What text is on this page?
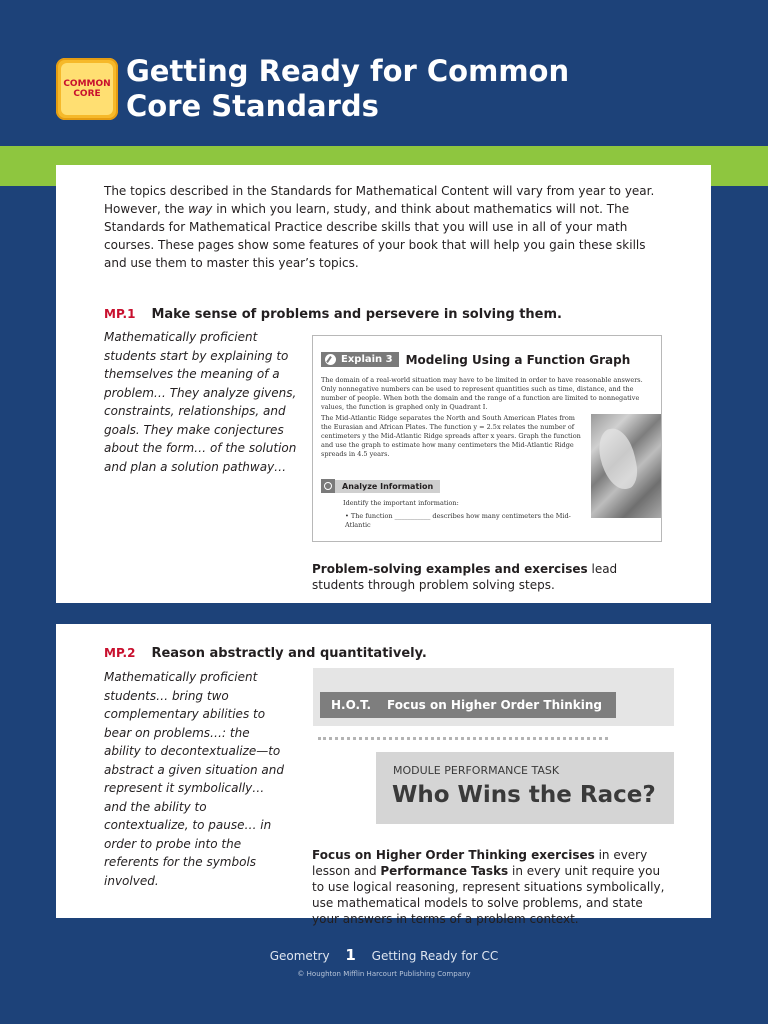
COMMON
CORE
Getting Ready for Common Core Standards
The topics described in the Standards for Mathematical Content will vary from year to year. However, the way in which you learn, study, and think about mathematics will not. The Standards for Mathematical Practice describe skills that you will use in all of your math courses. These pages show some features of your book that will help you gain these skills and use them to master this year’s topics.
MP.1 Make sense of problems and persevere in solving them.
Mathematically proficient students start by explaining to themselves the meaning of a problem… They analyze givens, constraints, relationships, and goals. They make conjectures about the form… of the solution and plan a solution pathway…
Explain 3 Modeling Using a Function Graph
The domain of a real-world situation may have to be limited in order to have reasonable answers. Only nonnegative numbers can be used to represent quantities such as time, distance, and the number of people. When both the domain and the range of a function are limited to nonnegative values, the function is graphed only in Quadrant I.
The Mid-Atlantic Ridge separates the North and South American Plates from the Eurasian and African Plates. The function y = 2.5x relates the number of centimeters y the Mid-Atlantic Ridge spreads after x years. Graph the function and use the graph to estimate how many centimeters the Mid-Atlantic Ridge spreads in 4.5 years.
Analyze Information
Identify the important information:
• The function ___________ describes how many centimeters the Mid-Atlantic
Problem-solving examples and exercises lead students through problem solving steps.
MP.2 Reason abstractly and quantitatively.
Mathematically proficient students… bring two complementary abilities to bear on problems…: the ability to decontextualize—to abstract a given situation and represent it symbolically… and the ability to contextualize, to pause… in order to probe into the referents for the symbols involved.
H.O.T. Focus on Higher Order Thinking
MODULE PERFORMANCE TASK
Who Wins the Race?
Focus on Higher Order Thinking exercises in every lesson and Performance Tasks in every unit require you to use logical reasoning, represent situations symbolically, use mathematical models to solve problems, and state your answers in terms of a problem context.
Geometry 1 Getting Ready for CC
© Houghton Mifflin Harcourt Publishing Company
